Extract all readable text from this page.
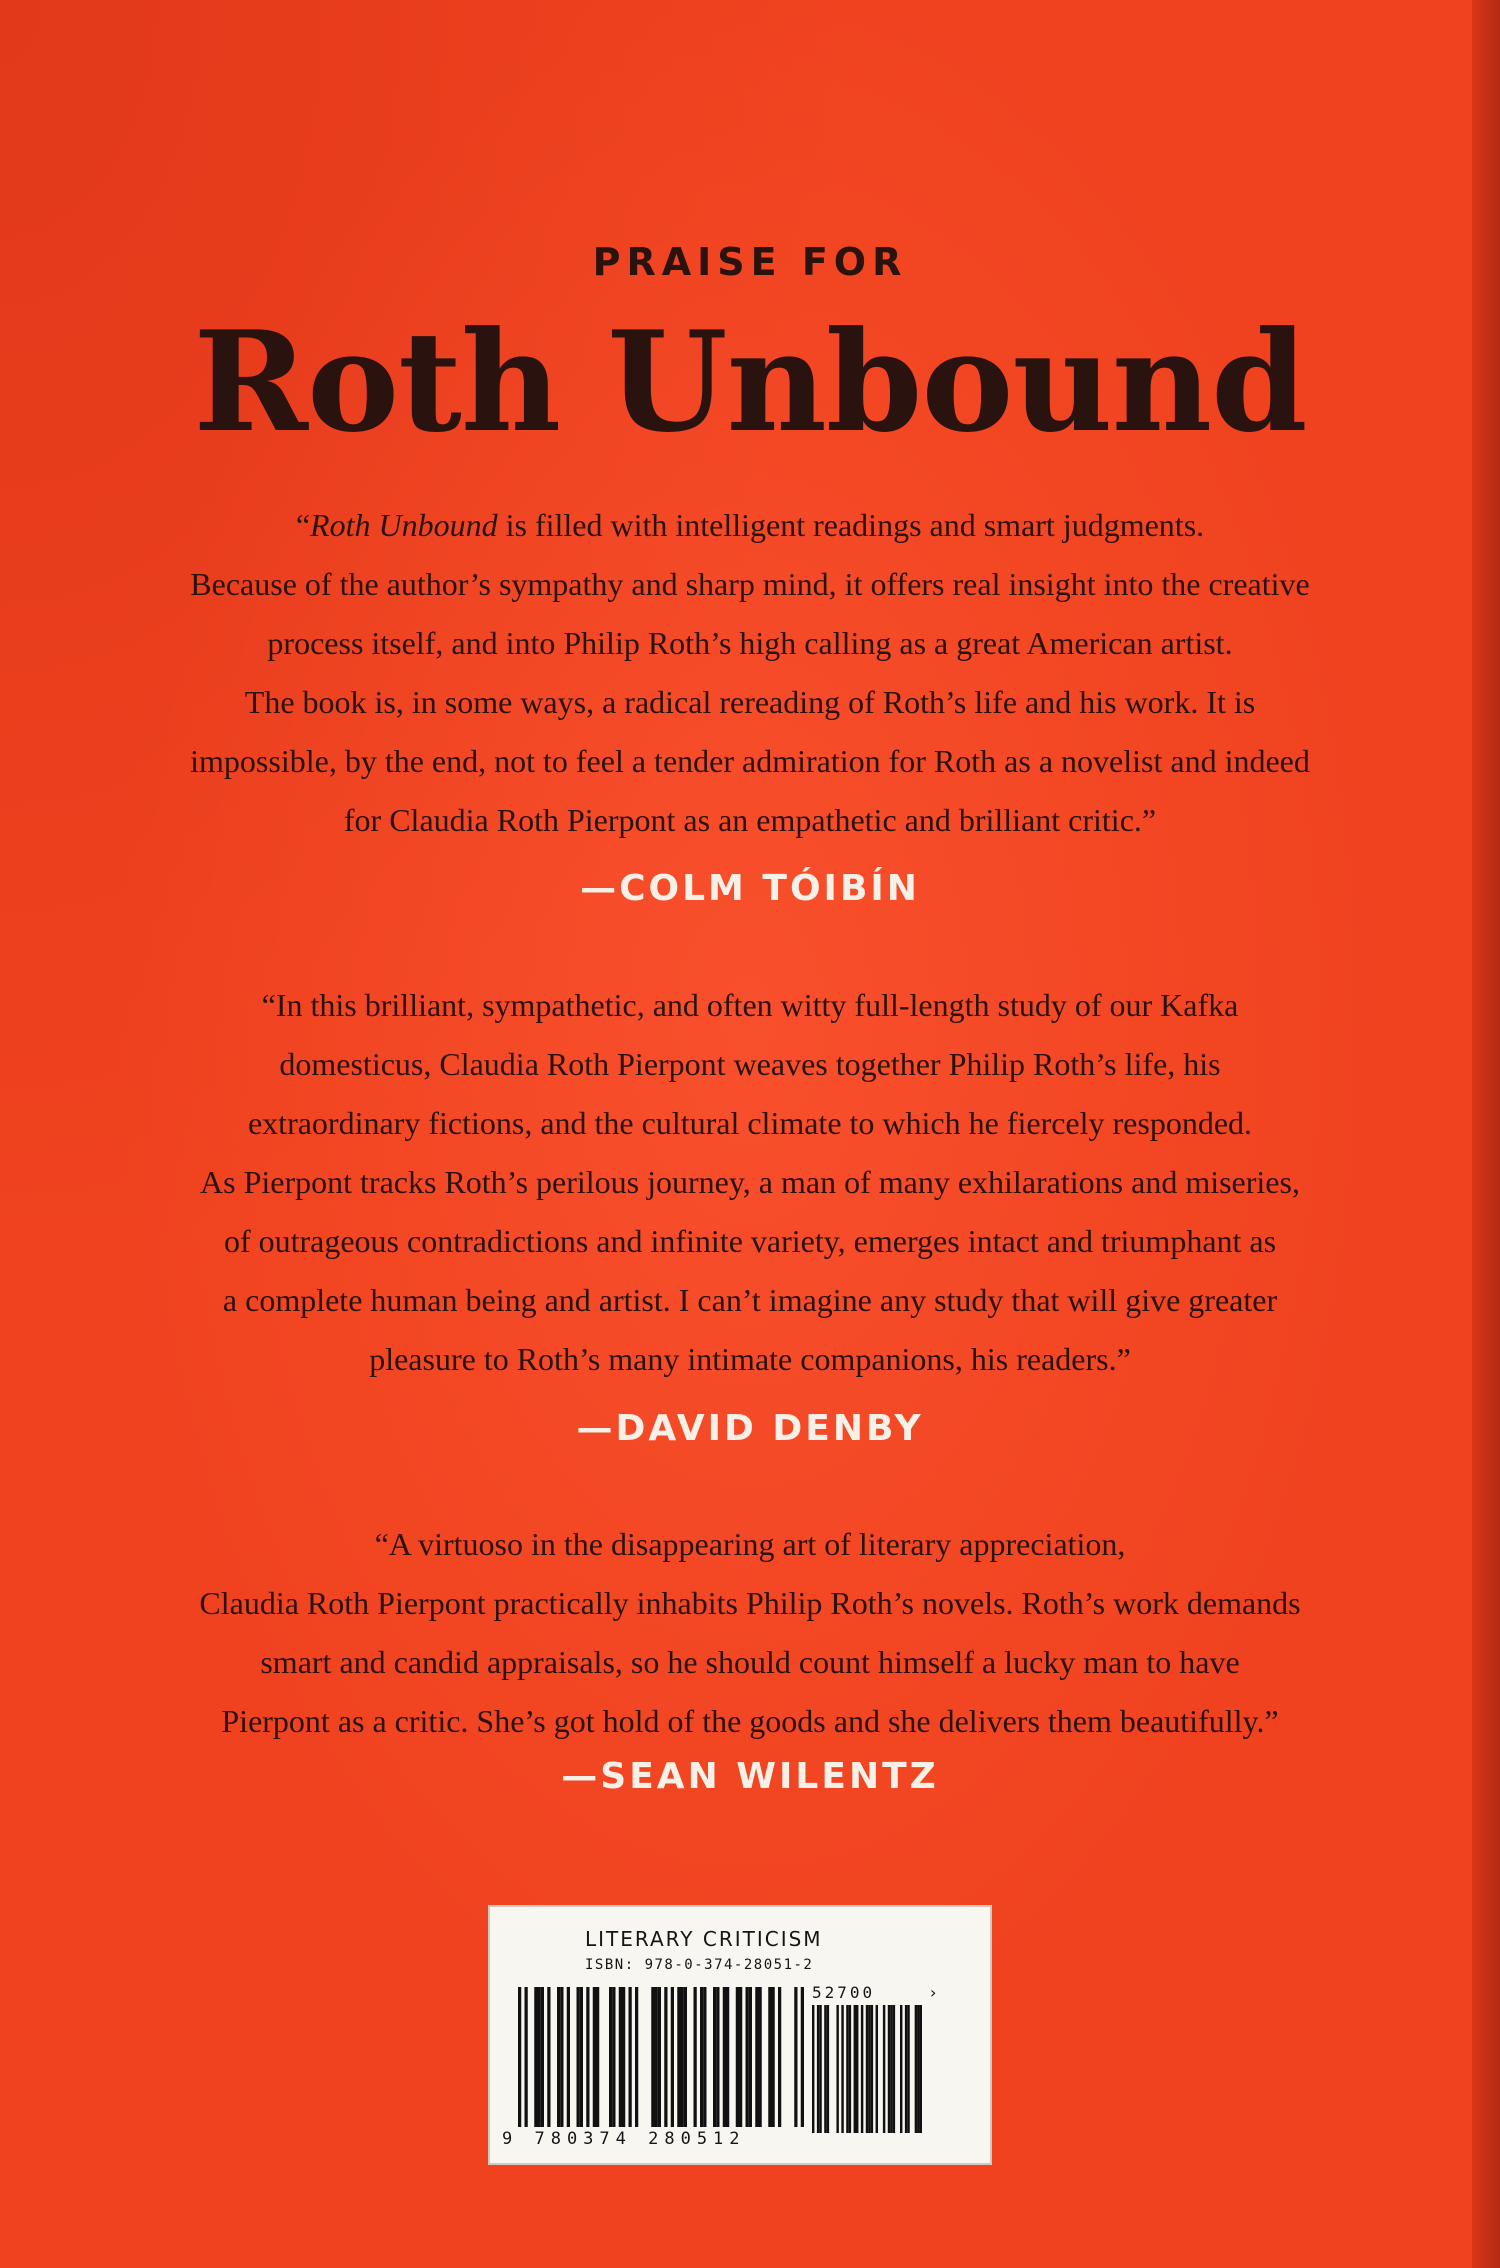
PRAISE FOR
Roth Unbound
“Roth Unbound is filled with intelligent readings and smart judgments.
Because of the author’s sympathy and sharp mind, it offers real insight into the creative
process itself, and into Philip Roth’s high calling as a great American artist.
The book is, in some ways, a radical rereading of Roth’s life and his work. It is
impossible, by the end, not to feel a tender admiration for Roth as a novelist and indeed
for Claudia Roth Pierpont as an empathetic and brilliant critic.”
—COLM TÓIBÍN
“In this brilliant, sympathetic, and often witty full-length study of our Kafka
domesticus, Claudia Roth Pierpont weaves together Philip Roth’s life, his
extraordinary fictions, and the cultural climate to which he fiercely responded.
As Pierpont tracks Roth’s perilous journey, a man of many exhilarations and miseries,
of outrageous contradictions and infinite variety, emerges intact and triumphant as
a complete human being and artist. I can’t imagine any study that will give greater
pleasure to Roth’s many intimate companions, his readers.”
—DAVID DENBY
“A virtuoso in the disappearing art of literary appreciation,
Claudia Roth Pierpont practically inhabits Philip Roth’s novels. Roth’s work demands
smart and candid appraisals, so he should count himself a lucky man to have
Pierpont as a critic. She’s got hold of the goods and she delivers them beautifully.”
—SEAN WILENTZ
LITERARY CRITICISM
ISBN: 978-0-374-28051-2
52700	›
9 780374 280512
